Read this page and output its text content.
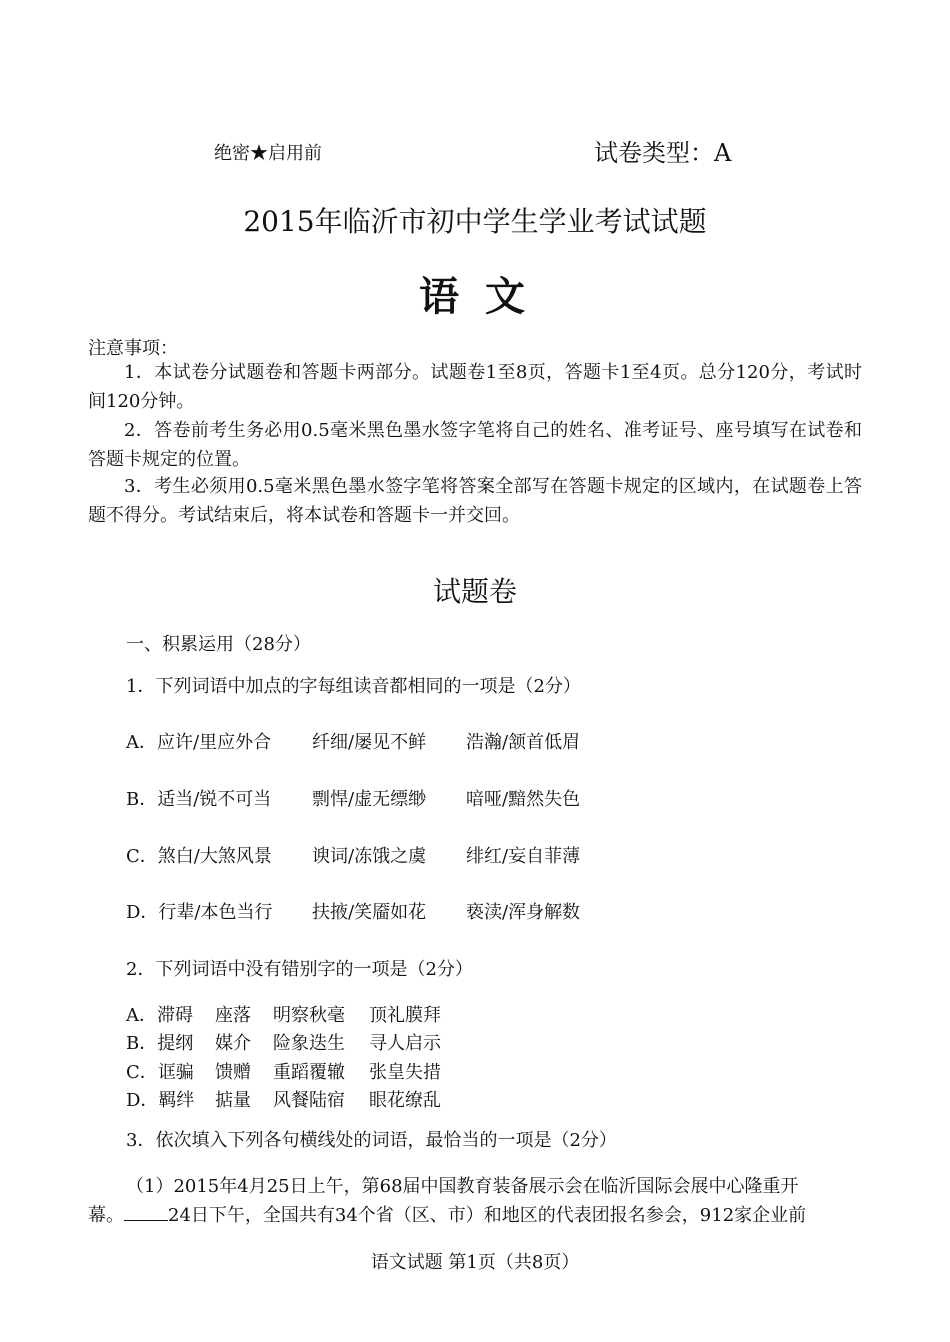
绝密★启用前	试卷类型：A
2015年临沂市初中学生学业考试试题
语 文
注意事项：
1．本试卷分试题卷和答题卡两部分。试题卷1至8页，答题卡1至4页。总分120分，考试时间120分钟。
2．答卷前考生务必用0.5毫米黑色墨水签字笔将自己的姓名、准考证号、座号填写在试卷和答题卡规定的位置。
3．考生必须用0.5毫米黑色墨水签字笔将答案全部写在答题卡规定的区域内，在试题卷上答题不得分。考试结束后，将本试卷和答题卡一并交回。
试题卷
一、积累运用（28分）
1．下列词语中加点的字每组读音都相同的一项是（2分）
A．应许/里应外合 纤细/屡见不鲜 浩瀚/颔首低眉
B．适当/锐不可当 剽悍/虚无缥缈 喑哑/黯然失色
C．煞白/大煞风景 谀词/冻饿之虞 绯红/妄自菲薄
D．行辈/本色当行 扶掖/笑靥如花 亵渎/浑身解数
2．下列词语中没有错别字的一项是（2分）
A．滞碍 座落 明察秋毫 顶礼膜拜
B．提纲 媒介 险象迭生 寻人启示
C．诓骗 馈赠 重蹈覆辙 张皇失措
D．羁绊 掂量 风餐陆宿 眼花缭乱
3．依次填入下列各句横线处的词语，最恰当的一项是（2分）
（1）2015年4月25日上午，第68届中国教育装备展示会在临沂国际会展中心隆重开
幕。 24日下午，全国共有34个省（区、市）和地区的代表团报名参会，912家企业前
语文试题 第1页（共8页）
